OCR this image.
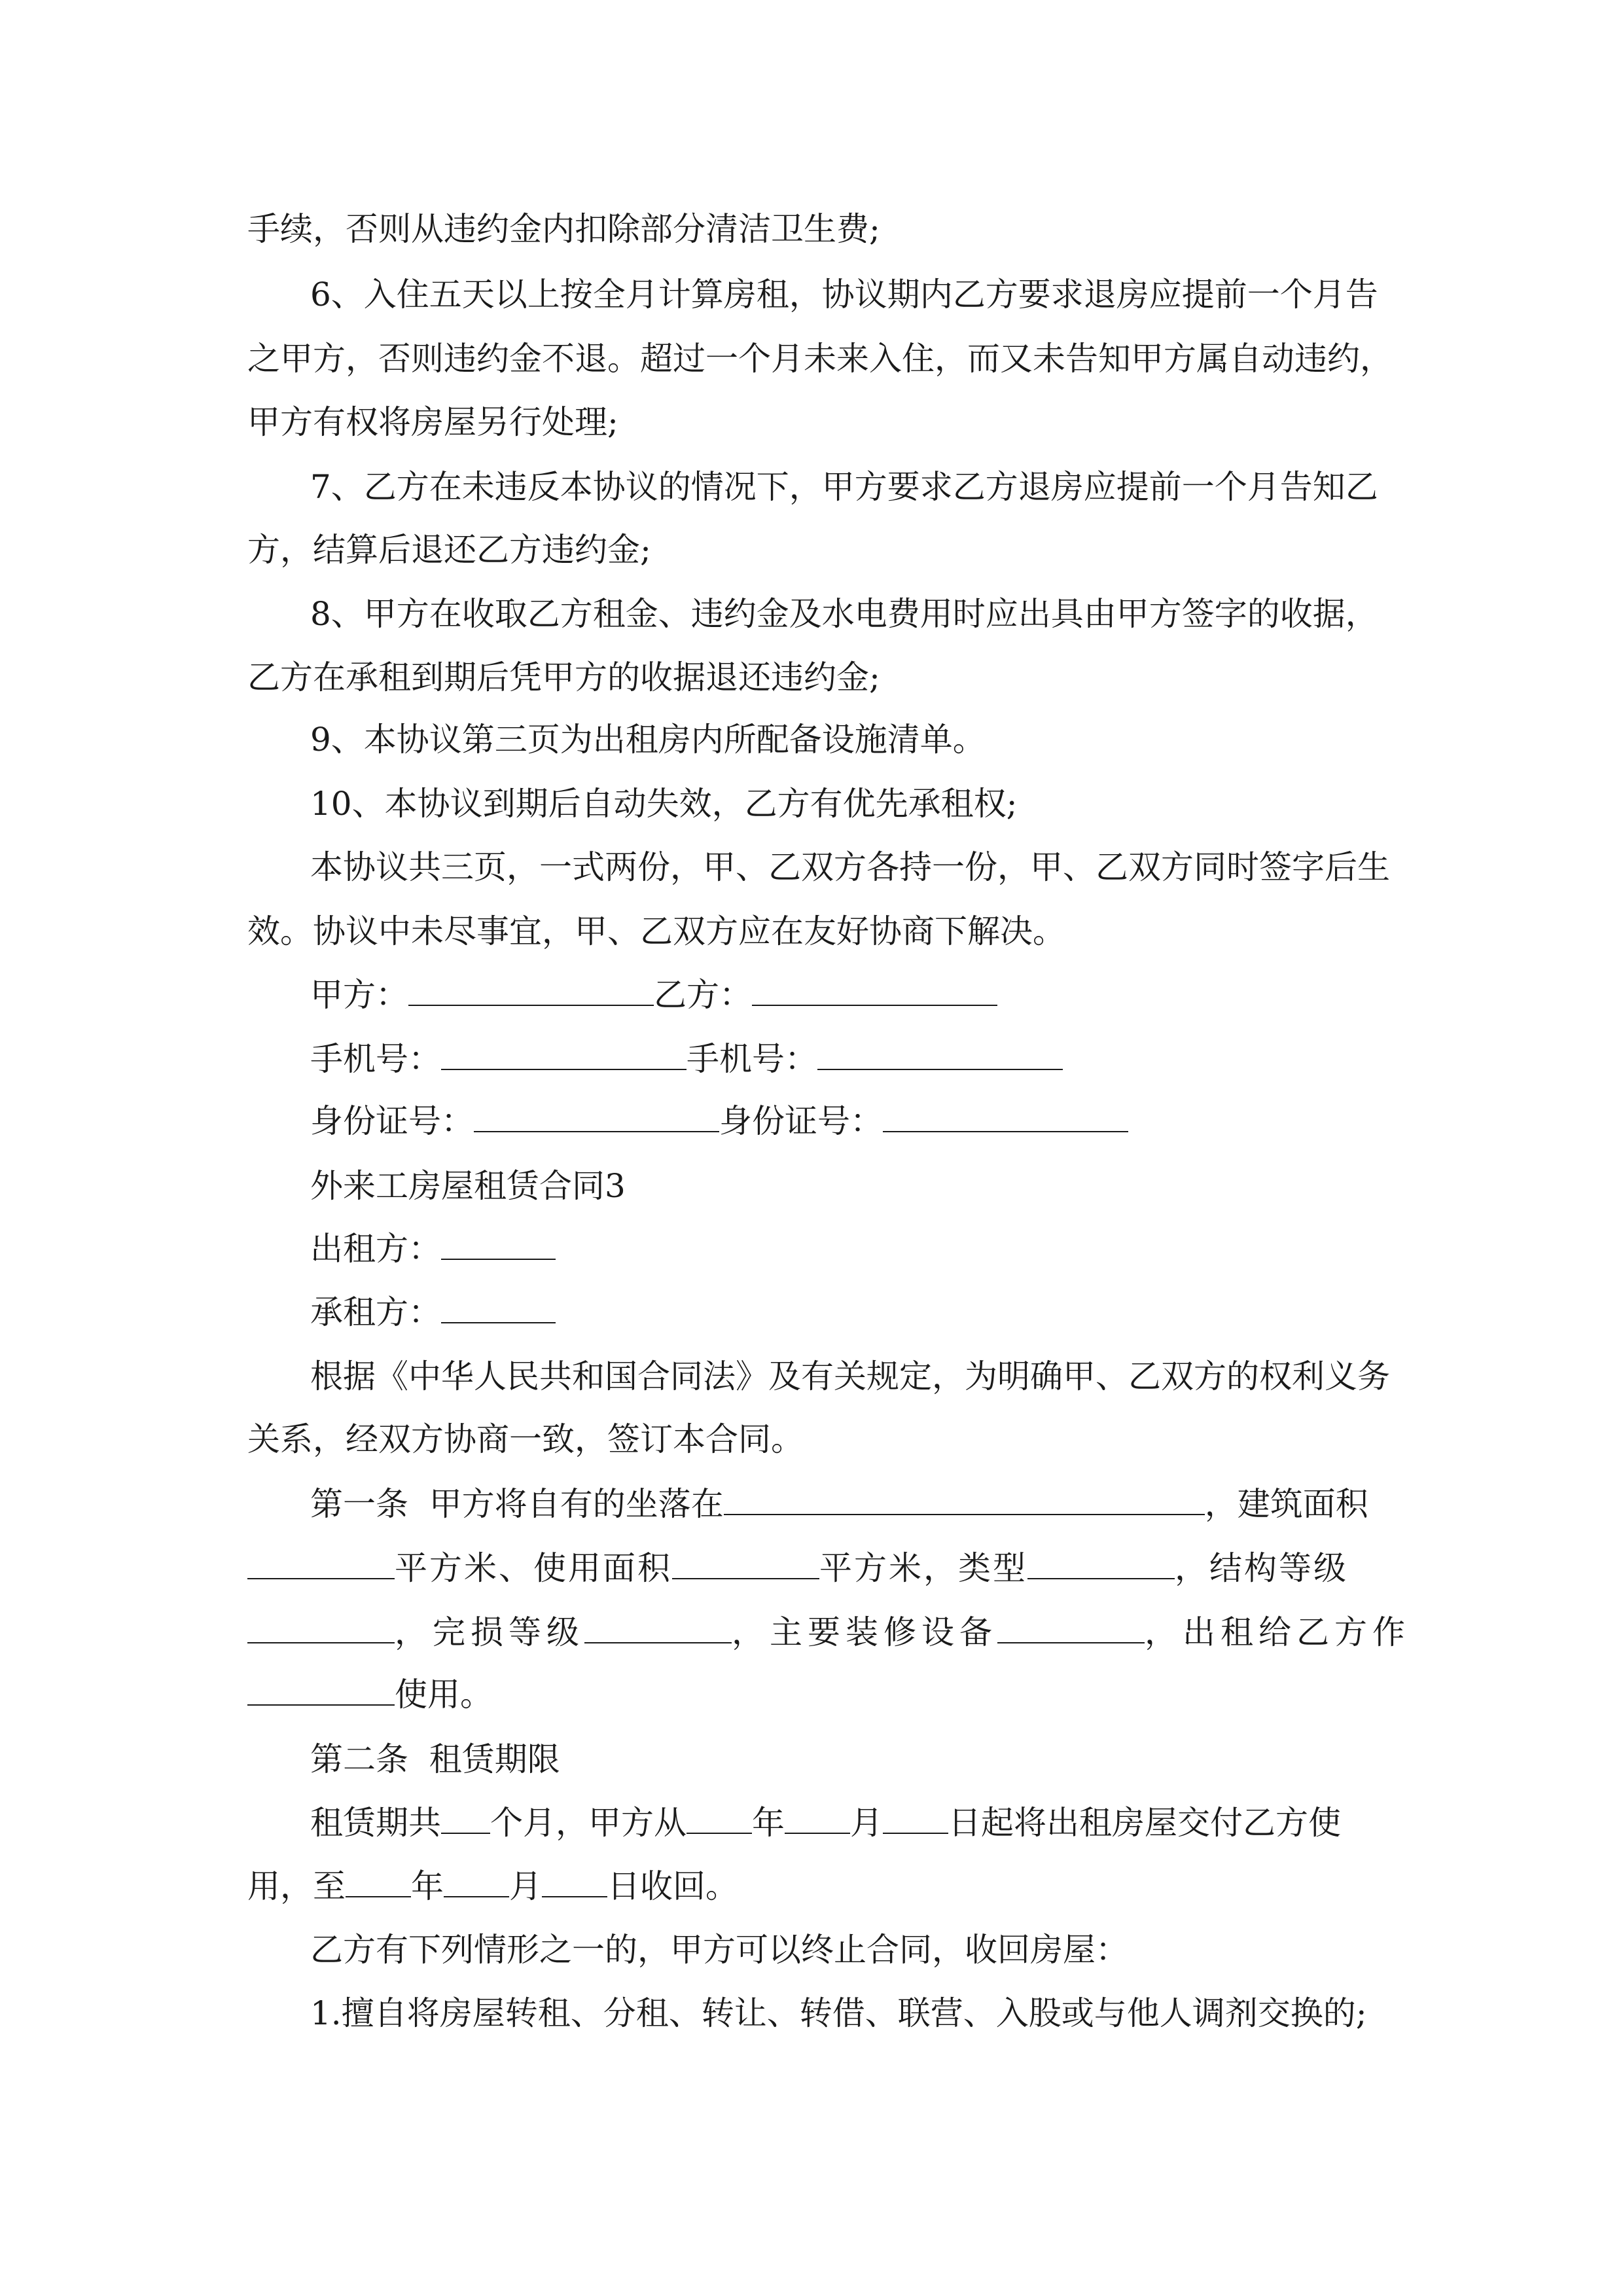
手续，否则从违约金内扣除部分清洁卫生费;
6、入住五天以上按全月计算房租，协议期内乙方要求退房应提前一个月告
之甲方，否则违约金不退。超过一个月未来入住，而又未告知甲方属自动违约，
甲方有权将房屋另行处理;
7、乙方在未违反本协议的情况下，甲方要求乙方退房应提前一个月告知乙
方，结算后退还乙方违约金;
8、甲方在收取乙方租金、违约金及水电费用时应出具由甲方签字的收据，
乙方在承租到期后凭甲方的收据退还违约金;
9、本协议第三页为出租房内所配备设施清单。
10、本协议到期后自动失效，乙方有优先承租权;
本协议共三页，一式两份，甲、乙双方各持一份，甲、乙双方同时签字后生
效。协议中未尽事宜，甲、乙双方应在友好协商下解决。
甲方：	乙方：
手机号：	手机号：
身份证号：	身份证号：
外来工房屋租赁合同3
出租方：
承租方：
根据《中华人民共和国合同法》及有关规定，为明确甲、乙双方的权利义务
关系，经双方协商一致，签订本合同。
第一条  甲方将自有的坐落在	，建筑面积
平方米、使用面积	平方米，类型	，结构等级
，完损等级	，主要装修设备	，出租给乙方作
使用。
第二条  租赁期限
租赁期共 个月，甲方从 年 月 日起将出租房屋交付乙方使
用，至 年 月 日收回。
乙方有下列情形之一的，甲方可以终止合同，收回房屋：
1.擅自将房屋转租、分租、转让、转借、联营、入股或与他人调剂交换的;
